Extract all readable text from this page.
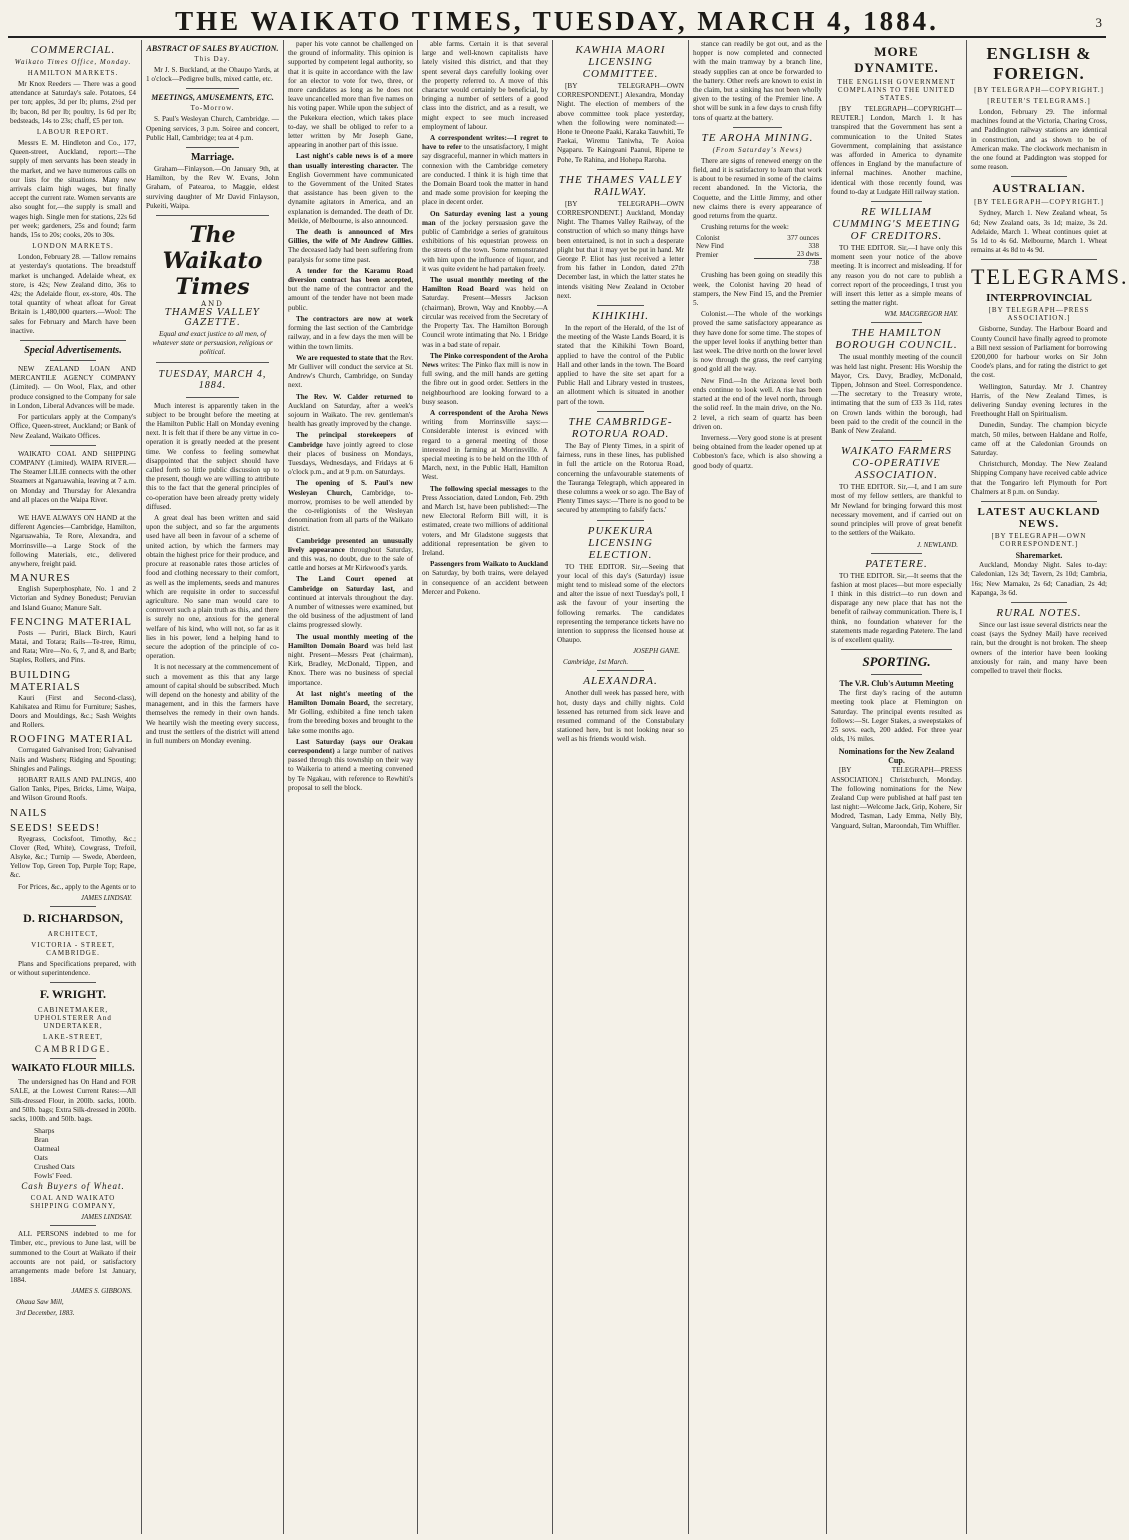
THE WAIKATO TIMES, TUESDAY, MARCH 4, 1884.	3
COMMERCIAL.
Waikato Times Office, Monday.
HAMILTON MARKETS.

Mr Knox Reeders — There was a good attendance at Saturday's sale. Potatoes, £4 per ton; apples, 3d per lb; plums, 2½d per lb; bacon, 8d per lb; poultry, 1s 6d per lb; bedsteads, 14s to 23s; chaff, £5 per ton.

LABOUR REPORT.

Messrs E. M. Hindleton and Co., 177, Queen-street, Auckland, report:—The supply of men servants has been steady in the market, and we have numerous calls on our lists for the situations. Many new arrivals claim high wages, but finally accept the current rate. Women servants are also sought for,—the supply is small and wages high. Single men for stations, 22s 6d per week; gardeners, 25s and found; farm hands, 15s to 20s; cooks, 20s to 30s.

LONDON MARKETS.

London, February 28. — Tallow remains at yesterday's quotations. The breadstuff market is unchanged. Adelaide wheat, ex store, is 42s; New Zealand ditto, 36s to 42s; the Adelaide flour, ex-store, 40s. The total quantity of wheat afloat for Great Britain is 1,480,000 quarters.—Wool: The sales for February and March have been inactive.

Special Advertisements.

NEW ZEALAND LOAN AND MERCANTILE AGENCY COMPANY (Limited). — On Wool, Flax, and other produce consigned to the Company for sale in London, Liberal Advances will be made.

For particulars apply at the Company's Office, Queen-street, Auckland; or Bank of New Zealand, Waikato Offices.

WAIKATO COAL AND SHIPPING COMPANY (Limited). WAIPA RIVER.—The Steamer LILIE connects with the other Steamers at Ngaruawahia, leaving at 7 a.m. on Monday and Thursday for Alexandra and all places on the Waipa River.

WE HAVE ALWAYS ON HAND at the different Agencies—Cambridge, Hamilton, Ngaruawahia, Te Rore, Alexandra, and Morrinsville—a Large Stock of the following Materials, etc., delivered anywhere, freight paid.

MANURES

English Superphosphate, No. 1 and 2 Victorian and Sydney Bonedust; Peruvian and Island Guano; Manure Salt.

FENCING MATERIAL

Posts — Puriri, Black Birch, Kauri Matai, and Totara; Rails—Te-tree, Rimu, and Rata; Wire—No. 6, 7, and 8, and Barb; Staples, Rollers, and Pins.

BUILDING MATERIALS

Kauri (First and Second-class), Kahikatea and Rimu for Furniture; Sashes, Doors and Mouldings, &c.; Sash Weights and Rollers.

ROOFING MATERIAL

Corrugated Galvanised Iron; Galvanised Nails and Washers; Ridging and Spouting; Shingles and Palings.

HOBART RAILS AND PALINGS, 400 Gallon Tanks, Pipes, Bricks, Lime, Waipa, and Wilson Ground Roofs.

NAILS
SEEDS! SEEDS!

Ryegrass, Cocksfoot, Timothy, &c.; Clover (Red, White), Cowgrass, Trefoil, Alsyke, &c.; Turnip — Swede, Aberdeen, Yellow Top, Green Top, Purple Top; Rape, &c.

For Prices, &c., apply to the Agents or to

JAMES LINDSAY.
D. RICHARDSON,
ARCHITECT,
VICTORIA - STREET, CAMBRIDGE.

Plans and Specifications prepared, with or without superintendence.

F. WRIGHT.
CABINETMAKER, UPHOLSTERER And UNDERTAKER,
LAKE-STREET,
CAMBRIDGE.
WAIKATO FLOUR MILLS.

The undersigned has On Hand and FOR SALE, at the Lowest Current Rates:—All Silk-dressed Flour, in 200lb. sacks, 100lb. and 50lb. bags; Extra Silk-dressed in 200lb. sacks, 100lb. and 50lb. bags.

Sharps
Bran
Oatmeal
Oats
Crushed Oats
Fowls' Feed.
Cash Buyers of Wheat.
COAL AND WAIKATO SHIPPING COMPANY,
JAMES LINDSAY.

ALL PERSONS indebted to me for Timber, etc., previous to June last, will be summoned to the Court at Waikato if their accounts are not paid, or satisfactory arrangements made before 1st January, 1884.

JAMES S. GIBBONS.
Ohaua Saw Mill,
3rd December, 1883.
ABSTRACT OF SALES BY AUCTION.
This Day.

Mr J. S. Buckland, at the Ohaupo Yards, at 1 o'clock—Pedigree bulls, mixed cattle, etc.

MEETINGS, AMUSEMENTS, ETC.
To-Morrow.

S. Paul's Wesleyan Church, Cambridge. — Opening services, 3 p.m. Soiree and concert, Public Hall, Cambridge; tea at 4 p.m.

Marriage.

Graham—Finlayson.—On January 9th, at Hamilton, by the Rev W. Evans, John Graham, of Patearoa, to Maggie, eldest surviving daughter of Mr David Finlayson, Pukeiti, Waipa.

The Waikato Times
AND
THAMES VALLEY GAZETTE.

Equal and exact justice to all men, of whatever state or persuasion, religious or political.

TUESDAY, MARCH 4, 1884.

Much interest is apparently taken in the subject to be brought before the meeting at the Hamilton Public Hall on Monday evening next. It is felt that if there be any virtue in co-operation it is greatly needed at the present time. We confess to feeling somewhat disappointed that the subject should have called forth so little public discussion up to the present, though we are willing to attribute this to the fact that the general principles of co-operation have been already pretty widely diffused.

A great deal has been written and said upon the subject, and so far the arguments used have all been in favour of a scheme of united action, by which the farmers may obtain the highest price for their produce, and procure at reasonable rates those articles of food and clothing necessary to their comfort, as well as the implements, seeds and manures which are requisite in order to successful agriculture. No sane man would care to controvert such a plain truth as this, and there is surely no one, anxious for the general welfare of his kind, who will not, so far as it lies in his power, lend a helping hand to secure the adoption of the principle of co-operation.

It is not necessary at the commencement of such a movement as this that any large amount of capital should be subscribed. Much will depend on the honesty and ability of the management, and in this the farmers have themselves the remedy in their own hands. We heartily wish the meeting every success, and trust the settlers of the district will attend in full numbers on Monday evening.

paper his vote cannot be challenged on the ground of informality. This opinion is supported by competent legal authority, so that it is quite in accordance with the law for an elector to vote for two, three, or more candidates as long as he does not leave uncancelled more than five names on his voting paper. While upon the subject of the Pukekura election, which takes place to-day, we shall be obliged to refer to a letter written by Mr Joseph Gane, appearing in another part of this issue.

Last night's cable news is of a more than usually interesting character. The English Government have communicated to the Government of the United States that assistance has been given to the dynamite agitators in America, and an explanation is demanded. The death of Dr. Meikle, of Melbourne, is also announced.

The death is announced of Mrs Gillies, the wife of Mr Andrew Gillies. The deceased lady had been suffering from paralysis for some time past.

A tender for the Karamu Road diversion contract has been accepted, but the name of the contractor and the amount of the tender have not been made public.

The contractors are now at work forming the last section of the Cambridge railway, and in a few days the men will be within the town limits.

We are requested to state that the Rev. Mr Gulliver will conduct the service at St. Andrew's Church, Cambridge, on Sunday next.

The Rev. W. Calder returned to Auckland on Saturday, after a week's sojourn in Waikato. The rev. gentleman's health has greatly improved by the change.

The principal storekeepers of Cambridge have jointly agreed to close their places of business on Mondays, Tuesdays, Wednesdays, and Fridays at 6 o'clock p.m., and at 9 p.m. on Saturdays.

The opening of S. Paul's new Wesleyan Church, Cambridge, to-morrow, promises to be well attended by the co-religionists of the Wesleyan denomination from all parts of the Waikato district.

Cambridge presented an unusually lively appearance throughout Saturday, and this was, no doubt, due to the sale of cattle and horses at Mr Kirkwood's yards.

The Land Court opened at Cambridge on Saturday last, and continued at intervals throughout the day. A number of witnesses were examined, but the old business of the adjustment of land claims progressed slowly.

The usual monthly meeting of the Hamilton Domain Board was held last night. Present—Messrs Peat (chairman), Kirk, Bradley, McDonald, Tippen, and Knox. There was no business of special importance.

At last night's meeting of the Hamilton Domain Board, the secretary, Mr Golling, exhibited a fine tench taken from the breeding boxes and brought to the lake some months ago.

Last Saturday (says our Orakau correspondent) a large number of natives passed through this township on their way to Waikeria to attend a meeting convened by Te Ngakau, with reference to Rewhiti's proposal to sell the block.

able farms. Certain it is that several large and well-known capitalists have lately visited this district, and that they spent several days carefully looking over the property referred to. A move of this character would certainly be beneficial, by bringing a number of settlers of a good class into the district, and as a result, we might expect to see much increased employment of labour.

A correspondent writes:—I regret to have to refer to the unsatisfactory, I might say disgraceful, manner in which matters in connexion with the Cambridge cemetery are conducted. I think it is high time that the Domain Board took the matter in hand and made some provision for keeping the place in decent order.

On Saturday evening last a young man of the jockey persuasion gave the public of Cambridge a series of gratuitous exhibitions of his equestrian prowess on the streets of the town. Some remonstrated with him upon the influence of liquor, and it was quite evident he had partaken freely.

The usual monthly meeting of the Hamilton Road Board was held on Saturday. Present—Messrs Jackson (chairman), Brown, Way and Knobby.—A circular was received from the Secretary of the Property Tax. The Hamilton Borough Council wrote intimating that No. 1 Bridge was in a bad state of repair.

The Pinko correspondent of the Aroha News writes: The Pinko flax mill is now in full swing, and the mill hands are getting the fibre out in good order. Settlers in the neighbourhood are looking forward to a busy season.

A correspondent of the Aroha News writing from Morrinsville says:—Considerable interest is evinced with regard to a general meeting of those interested in farming at Morrinsville. A special meeting is to be held on the 10th of March, next, in the Public Hall, Hamilton West.

The following special messages to the Press Association, dated London, Feb. 29th and March 1st, have been published:—The new Electoral Reform Bill will, it is estimated, create two millions of additional voters, and Mr Gladstone suggests that additional representation be given to Ireland.

Passengers from Waikato to Auckland on Saturday, by both trains, were delayed in consequence of an accident between Mercer and Pokeno.

KAWHIA MAORI LICENSING COMMITTEE.

[BY TELEGRAPH—OWN CORRESPONDENT.] Alexandra, Monday Night. The election of members of the above committee took place yesterday, when the following were nominated:—Hone te Oneone Paaki, Karaka Tauwhiti, Te Paekai, Wiremu Taniwha, Te Aoioa Ngaparu. Te Kaingeani Paanui, Ripene te Pohe, Te Rahina, and Hohepa Raroha.

THE THAMES VALLEY RAILWAY.

[BY TELEGRAPH—OWN CORRESPONDENT.] Auckland, Monday Night. The Thames Valley Railway, of the construction of which so many things have been entertained, is not in such a desperate plight but that it may yet be put in hand. Mr George P. Eliot has just received a letter from his father in London, dated 27th December last, in which the latter states he intends visiting New Zealand in October next.

KIHIKIHI.

In the report of the Herald, of the 1st of the meeting of the Waste Lands Board, it is stated that the Kihikihi Town Board, applied to have the control of the Public Hall and other lands in the town. The Board applied to have the site set apart for a Public Hall and Library vested in trustees, an allotment which is situated in another part of the town.

THE CAMBRIDGE-ROTORUA ROAD.

The Bay of Plenty Times, in a spirit of fairness, runs in these lines, has published in full the article on the Rotorua Road, concerning the unfavourable statements of the Tauranga Telegraph, which appeared in these columns a week or so ago. The Bay of Plenty Times says:—'There is no good to be secured by attempting to falsify facts.'

PUKEKURA LICENSING ELECTION.

TO THE EDITOR. Sir,—Seeing that your local of this day's (Saturday) issue might tend to mislead some of the electors and alter the issue of next Tuesday's poll, I ask the favour of your inserting the following remarks. The candidates representing the temperance tickets have no intention to suppress the licensed house at Ohaupo.

JOSEPH GANE.
Cambridge, 1st March.
ALEXANDRA.

Another dull week has passed here, with hot, dusty days and chilly nights. Cold lessened has returned from sick leave and resumed command of the Constabulary stationed here, but is not looking near so well as his friends would wish.

stance can readily be got out, and as the hopper is now completed and connected with the main tramway by a branch line, steady supplies can at once be forwarded to the battery. Other reefs are known to exist in the claim, but a sinking has not been wholly given to the testing of the Premier line. A shot will be sunk in a few days to crush fifty tons of quartz at the battery.

TE AROHA MINING.
(From Saturday's News)

There are signs of renewed energy on the field, and it is satisfactory to learn that work is about to be resumed in some of the claims recent abandoned. In the Victoria, the Coquette, and the Little Jimmy, and other new claims there is every appearance of good returns from the quartz.

Crushing returns for the week:

Colonist	377 ounces
New Find	338
Premier	23 dwts
	738

Crushing has been going on steadily this week, the Colonist having 20 head of stampers, the New Find 15, and the Premier 5.

Colonist.—The whole of the workings proved the same satisfactory appearance as they have done for some time. The stopes of the upper level looks if anything better than last week. The drive north on the lower level is now through the grass, the reef carrying good gold all the way.

New Find.—In the Arizona level both ends continue to look well. A rise has been started at the end of the level north, through the solid reef. In the main drive, on the No. 2 level, a rich seam of quartz has been driven on.

Inverness.—Very good stone is at present being obtained from the leader opened up at Cobbeston's face, which is also showing a good body of quartz.

MORE DYNAMITE.
THE ENGLISH GOVERNMENT COMPLAINS TO THE UNITED STATES.

[BY TELEGRAPH—COPYRIGHT—REUTER.] London, March 1. It has transpired that the Government has sent a communication to the United States Government, complaining that assistance was afforded in America to dynamite offences in England by the manufacture of infernal machines. Another machine, identical with those recently found, was found to-day at Ludgate Hill railway station.

RE WILLIAM CUMMING'S MEETING OF CREDITORS.

TO THE EDITOR. Sir,—I have only this moment seen your notice of the above meeting. It is incorrect and misleading. If for any reason you do not care to publish a correct report of the proceedings, I trust you will insert this letter as a simple means of setting the matter right.

WM. MACGREGOR HAY.
THE HAMILTON BOROUGH COUNCIL.

The usual monthly meeting of the council was held last night. Present: His Worship the Mayor, Crs. Davy, Bradley, McDonald, Tippen, Johnson and Steel. Correspondence.—The secretary to the Treasury wrote, intimating that the sum of £33 3s 11d, rates on Crown lands within the borough, had been paid to the credit of the council in the Bank of New Zealand.

WAIKATO FARMERS CO-OPERATIVE ASSOCIATION.

TO THE EDITOR. Sir,—I, and I am sure most of my fellow settlers, are thankful to Mr Newland for bringing forward this most necessary movement, and if carried out on sound principles will prove of great benefit to the settlers of the Waikato.

J. NEWLAND.
PATETERE.

TO THE EDITOR. Sir,—It seems that the fashion at most places—but more especially I think in this district—to run down and disparage any new place that has not the benefit of railway communication. There is, I think, no foundation whatever for the statements made regarding Patetere. The land is of excellent quality.

SPORTING.
The V.R. Club's Autumn Meeting

The first day's racing of the autumn meeting took place at Flemington on Saturday. The principal events resulted as follows:—St. Leger Stakes, a sweepstakes of 25 sovs. each, 200 added. For three year olds, 1¾ miles.

Nominations for the New Zealand Cup.

[BY TELEGRAPH—PRESS ASSOCIATION.] Christchurch, Monday. The following nominations for the New Zealand Cup were published at half past ten last night:—Welcome Jack, Grip, Kohere, Sir Modred, Tasman, Lady Emma, Nelly Bly, Vanguard, Sultan, Maroondah, Tim Whiffler.

ENGLISH & FOREIGN.
[BY TELEGRAPH—COPYRIGHT.]
[REUTER'S TELEGRAMS.]

London, February 29. The informal machines found at the Victoria, Charing Cross, and Paddington railway stations are identical in construction, and as shown to be of American make. The clockwork mechanism in the one found at Paddington was stopped for some reason.

AUSTRALIAN.
[BY TELEGRAPH—COPYRIGHT.]

Sydney, March 1. New Zealand wheat, 5s 6d; New Zealand oats, 3s 1d; maize, 3s 2d. Adelaide, March 1. Wheat continues quiet at 5s 1d to 4s 6d. Melbourne, March 1. Wheat remains at 4s 8d to 4s 9d.

TELEGRAMS.
INTERPROVINCIAL
[BY TELEGRAPH—PRESS ASSOCIATION.]

Gisborne, Sunday. The Harbour Board and County Council have finally agreed to promote a Bill next session of Parliament for borrowing £200,000 for harbour works on Sir John Coode's plans, and for rating the district to get the cost.

Wellington, Saturday. Mr J. Chantrey Harris, of the New Zealand Times, is delivering Sunday evening lectures in the Freethought Hall on Spiritualism.

Dunedin, Sunday. The champion bicycle match, 50 miles, between Haldane and Rolfe, came off at the Caledonian Grounds on Saturday.

Christchurch, Monday. The New Zealand Shipping Company have received cable advice that the Tongariro left Plymouth for Port Chalmers at 8 p.m. on Sunday.

LATEST AUCKLAND NEWS.
[BY TELEGRAPH—OWN CORRESPONDENT.]
Sharemarket.

Auckland, Monday Night. Sales to-day: Caledonian, 12s 3d; Tavern, 2s 10d; Cambria, 16s; New Mamaku, 2s 6d; Canadian, 2s 4d; Kapanga, 3s 6d.

RURAL NOTES.

Since our last issue several districts near the coast (says the Sydney Mail) have received rain, but the drought is not broken. The sheep owners of the interior have been looking anxiously for rain, and many have been compelled to travel their flocks.
